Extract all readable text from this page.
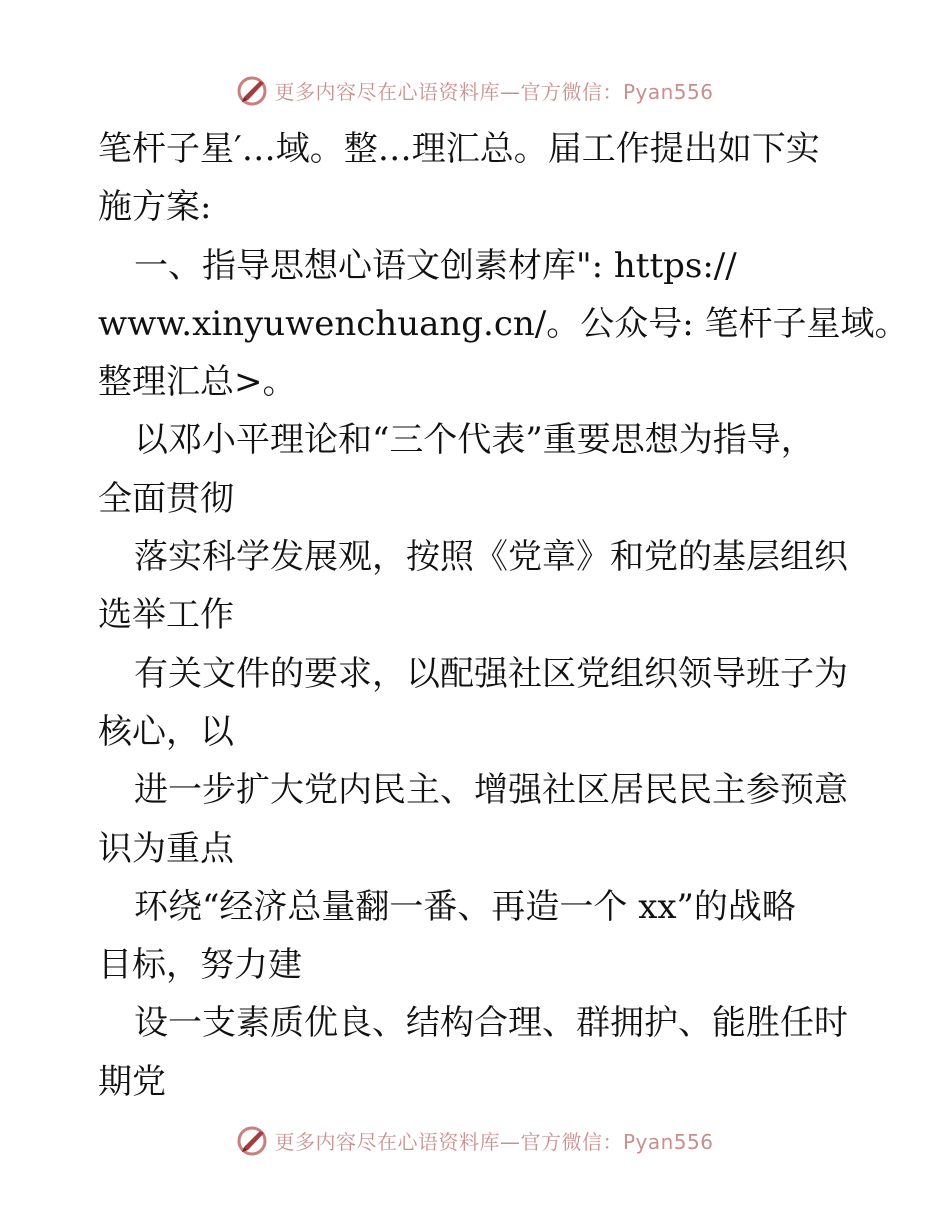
更多内容尽在心语资料库—官方微信：Pyan556
笔杆子星′…域。整…理汇总。届工作提出如下实
施方案:
一、指导思想心语文创素材库": https://
www.xinyuwenchuang.cn/。公众号: 笔杆子星域。
整理汇总>。
以邓小平理论和“三个代表”重要思想为指导，
全面贯彻
落实科学发展观，按照《党章》和党的基层组织
选举工作
有关文件的要求，以配强社区党组织领导班子为
核心，以
进一步扩大党内民主、增强社区居民民主参预意
识为重点
环绕“经济总量翻一番、再造一个 xx”的战略
目标，努力建
设一支素质优良、结构合理、群拥护、能胜任时
期党
更多内容尽在心语资料库—官方微信：Pyan556
